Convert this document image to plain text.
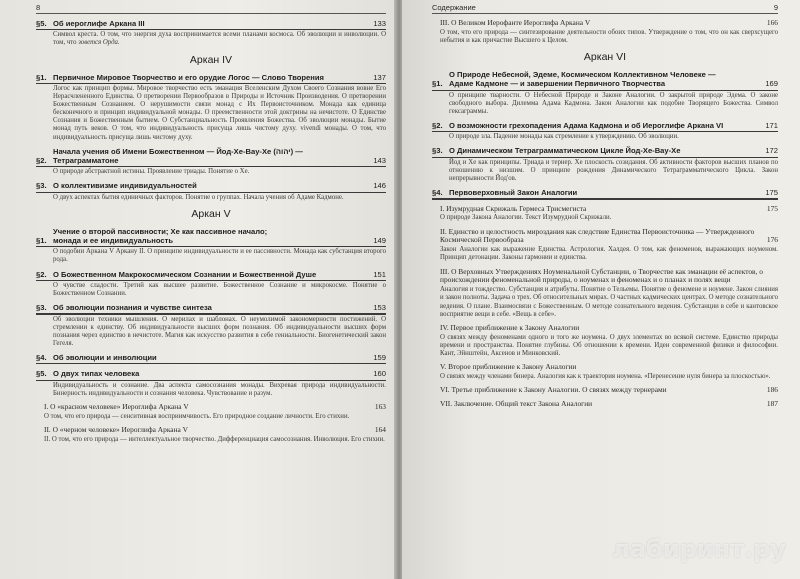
8
§5. Об иероглифе Аркана III	133
Символ креста. О том, что энергия духа воспринимается всеми планами космоса. Об эволюции и инволюции. О том, что зовется Орда.
Аркан IV
§1. Первичное Мировое Творчество и его орудие Логос — Слово Творения	137
Логос как принцип формы. Мировое творчество есть эманация Вселенским Духом Своего Сознания вовне Его Нерасчлененного Единства. О претворении Первообразов в Природы и Источник Производения. О претворении Божественным Сознанием. О нерушимости связи монад с Их Первоисточником. Монада как единица бесконечного и принцип индивидуальной монады. О преемственности этой доктрины на нечистоте. О Единстве Сознания и Божественным бытием. О Субстанциальность Проявления Божества. Об эволюции монады. Бытие монад путь веков. О том, что индивидуальность присуща лишь чистому духу. vivendi монады. О том, что индивидуальность присуща лишь чистому духу.
§2.
Начала учения об Имени Божественном — Йод-Хе-Вау-Хе (יהוה) —
Тетраграмматоне	143
О природе абстрактной истины. Проявление триады. Понятие о Хе.
§3. О коллективизме индивидуальностей	146
О двух аспектах бытия единичных факторов. Понятие о группах. Начала учения об Адаме Кадмоне.
Аркан V
§1.
Учение о второй пассивности; Хе как пассивное начало;
монада и ее индивидуальность	149
О подобии Аркана V Аркану II. О принципе индивидуальности и ее пассивности. Монада как субстанция второго рода.
§2. О Божественном Макрокосмическом Сознании и Божественной Душе	151
О чувстве сладости. Третий как высшее развитие. Божественное Сознание и микрокосме. Понятие о Божественном Сознании.
§3. Об эволюции познания и чувстве синтеза	153
Об эволюции техники мышления. О мерилах и шаблонах. О неумолимой закономерности постижений. О стремлении к единству. Об индивидуальности высших форм познания. Об индивидуальности высших форм познания через единство в нечистоте. Магия как искусство развития в себе гениальности. Биогенетический закон Гегеля.
§4. Об эволюции и инволюции	159
§5. О двух типах человека	160
Индивидуальность и сознание. Два аспекта самосознания монады. Вихревая природа индивидуальности. Бинерность индивидуальности и сознания человека. Чувствование и разум.
I. О «красном человеке» Иероглифа Аркана V	163
О том, что его природа — сенситивная восприимчивость. Его природное создание личности. Его стихии.
II. О «черном человеке» Иероглифа Аркана V	164
II. О том, что его природа — интеллектуальное творчество. Дифференциация самосознания. Инволюция. Его стихии.
Содержание	9
III. О Великом Иерофанте Иероглифа Аркана V	166
О том, что его природа — синтезирование деятельности обоих типов. Утверждение о том, что он как сверхсущего небытия и как причастие Высшего к Целом.
Аркан VI
§1.
О Природе Небесной, Эдеме, Космическом Коллективном Человеке —
Адаме Кадмоне — и завершении Первичного Творчества	169
О принципе тварности. О Небесной Природе и Законе Аналогии. О закрытой природе Эдема. О законе свободного выбора. Дилемма Адама Кадмона. Закон Аналогии как подобие Творящего Божества. Символ гексаграммы.
§2. О возможности грехопадения Адама Кадмона и об Иероглифе Аркана VI	171
О природе зла. Падение монады как стремление к утверждению. Об эволюции.
§3. О Динамическом Тетраграмматическом Цикле Йод-Хе-Вау-Хе	172
Йод и Хе как принципы. Триада и тернер. Хе плоскость созидания. Об активности факторов высших планов по отношению к низшим. О принципе рождения Динамического Тетраграмматического Цикла. Закон непрерывности Йод'ов.
§4. Первоверховный Закон Аналогии	175
I. Изумрудная Скрижаль Гермеса Трисмегиста	175
О природе Закона Аналогии. Текст Изумрудной Скрижали.
II. Единство и целостность мироздания как следствие Единства Первоисточника — Утвержденного Космической Первообраза	176
Закон Аналогии как выражение Единства. Астрология. Халдея. О том, как феноменов, выражающих ноуменом. Принцип детонации. Законы гармонии и единства.
III. О Верховных Утверждениях Ноуменальной Субстанции, о Творчестве как эманации её аспектов, о происхождении феноменальной природы, о ноуменах и феноменах и о планах и полях вещи
Аналогия и тождество. Субстанция и атрибуты. Понятие о Тельемы. Понятие о феномене и ноумене. Закон слияния и закон полноты. Задача о трех. Об относительных мирах. О частных кадмических центрах. О методе сознательного ведения. О плане. Взаимосвязи с Божественным. О методе сознательного ведения. Субстанции в себе и кантовское восприятие вещи в себе. «Вещь в себе».
IV. Первое приближение к Закону Аналогии
О связях между феноменами одного и того же ноумена. О двух элементах во всякой системе. Единство природы времени и пространства. Понятие глубины. Об отношении к времени. Идеи современной физики и философии. Кант, Эйнштейн, Аксенов и Минковский.
V. Второе приближение к Закону Аналогии
О связях между членами бинера. Аналогия как к траектория ноумена. «Перенесение нуля бинера за плоскостью».
VI. Третье приближение к Закону Аналогии. О связях между тернерами	186
VII. Заключение. Общий текст Закона Аналогии	187
лабиринт.ру
